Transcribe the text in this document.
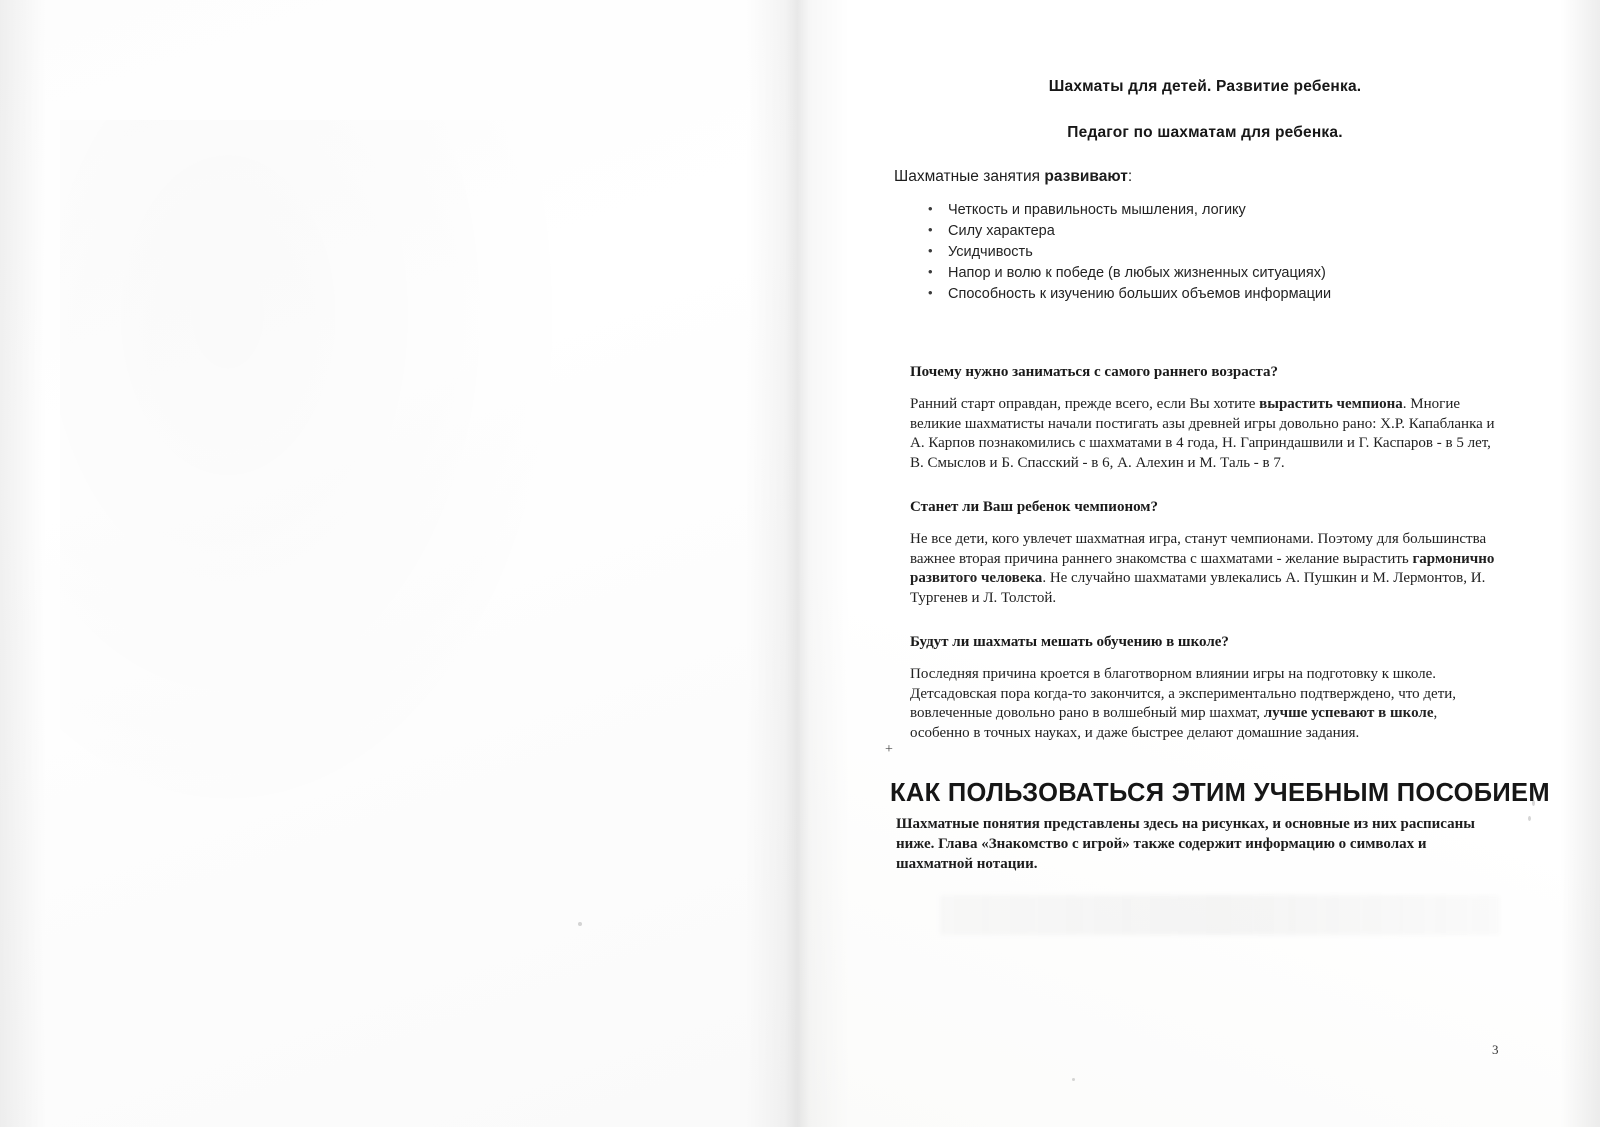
Шахматы для детей. Развитие ребенка.
Педагог по шахматам для ребенка.

Шахматные занятия развивают:

• Четкость и правильность мышления, логику
• Силу характера
• Усидчивость
• Напор и волю к победе (в любых жизненных ситуациях)
• Способность к изучению больших объемов информации
Почему нужно заниматься с самого раннего возраста?

Ранний старт оправдан, прежде всего, если Вы хотите вырастить чемпиона. Многие великие шахматисты начали постигать азы древней игры довольно рано: Х.Р. Капабланка и А. Карпов познакомились с шахматами в 4 года, Н. Гаприндашвили и Г. Каспаров - в 5 лет, В. Смыслов и Б. Спасский - в 6, А. Алехин и М. Таль - в 7.

Станет ли Ваш ребенок чемпионом?

Не все дети, кого увлечет шахматная игра, станут чемпионами. Поэтому для большинства важнее вторая причина раннего знакомства с шахматами - желание вырастить гармонично развитого человека. Не случайно шахматами увлекались А. Пушкин и М. Лермонтов, И. Тургенев и Л. Толстой.

Будут ли шахматы мешать обучению в школе?

Последняя причина кроется в благотворном влиянии игры на подготовку к школе. Детсадовская пора когда-то закончится, а экспериментально подтверждено, что дети, вовлеченные довольно рано в волшебный мир шахмат, лучше успевают в школе, особенно в точных науках, и даже быстрее делают домашние задания.

КАК ПОЛЬЗОВАТЬСЯ ЭТИМ УЧЕБНЫМ ПОСОБИЕМ

Шахматные понятия представлены здесь на рисунках, и основные из них расписаны ниже. Глава «Знакомство с игрой» также содержит информацию о символах и шахматной нотации.

+
3
